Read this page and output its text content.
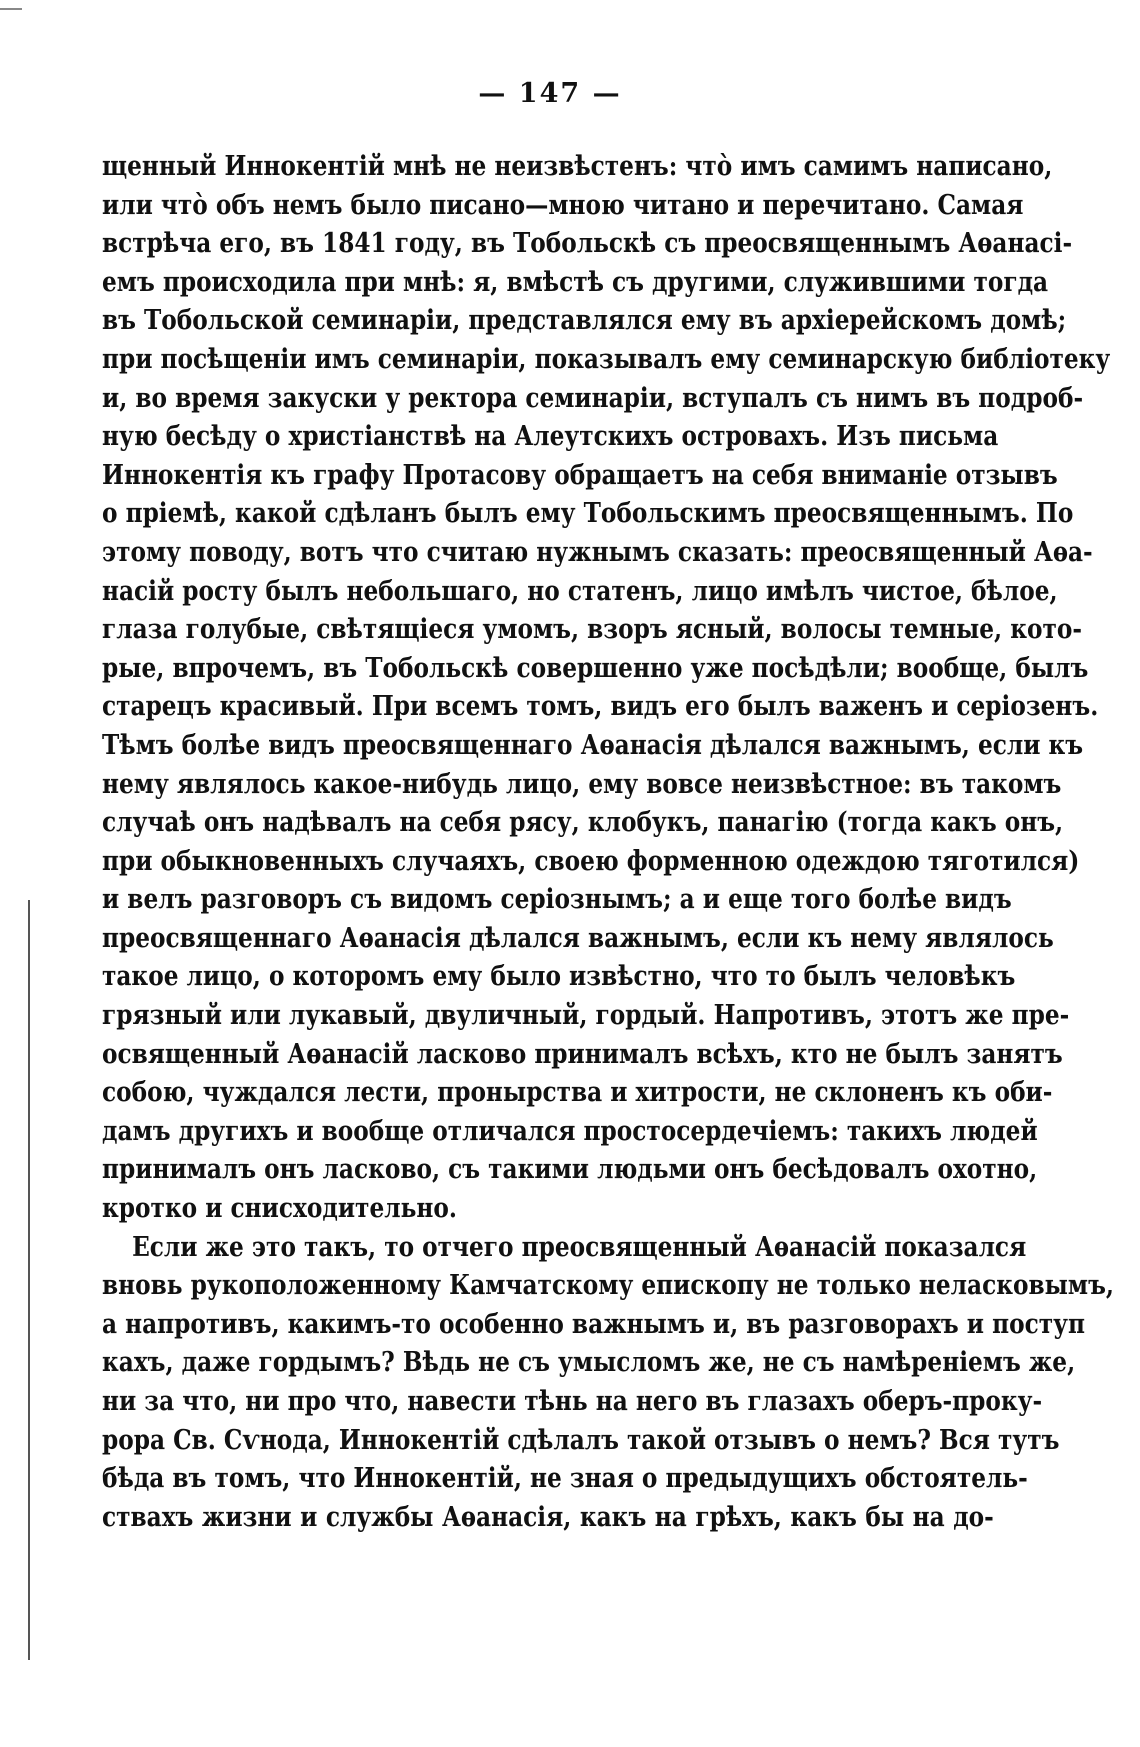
— 147 —
щенный Иннокентій мнѣ не неизвѣстенъ: что̀ имъ самимъ написано,
или что̀ объ немъ было писано—мною читано и перечитано. Самая
встрѣча его, въ 1841 году, въ Тобольскѣ съ преосвященнымъ Аѳанасі-
емъ происходила при мнѣ: я, вмѣстѣ съ другими, служившими тогда
въ Тобольской семинаріи, представлялся ему въ архіерейскомъ домѣ;
при посѣщеніи имъ семинаріи, показывалъ ему семинарскую библіотеку
и, во время закуски у ректора семинаріи, вступалъ съ нимъ въ подроб-
ную бесѣду о христіанствѣ на Алеутскихъ островахъ. Изъ письма
Иннокентія къ графу Протасову обращаетъ на себя вниманіе отзывъ
о пріемѣ, какой сдѣланъ былъ ему Тобольскимъ преосвященнымъ. По
этому поводу, вотъ что считаю нужнымъ сказать: преосвященный Аѳа-
насій росту былъ небольшаго, но статенъ, лицо имѣлъ чистое, бѣлое,
глаза голубые, свѣтящіеся умомъ, взоръ ясный, волосы темные, кото-
рые, впрочемъ, въ Тобольскѣ совершенно уже посѣдѣли; вообще, былъ
старецъ красивый. При всемъ томъ, видъ его былъ важенъ и серіозенъ.
Тѣмъ болѣе видъ преосвященнаго Аѳанасія дѣлался важнымъ, если къ
нему являлось какое-нибудь лицо, ему вовсе неизвѣстное: въ такомъ
случаѣ онъ надѣвалъ на себя рясу, клобукъ, панагію (тогда какъ онъ,
при обыкновенныхъ случаяхъ, своею форменною одеждою тяготился)
и велъ разговоръ съ видомъ серіознымъ; а и еще того болѣе видъ
преосвященнаго Аѳанасія дѣлался важнымъ, если къ нему являлось
такое лицо, о которомъ ему было извѣстно, что то былъ человѣкъ
грязный или лукавый, двуличный, гордый. Напротивъ, этотъ же пре-
освященный Аѳанасій ласково принималъ всѣхъ, кто не былъ занятъ
собою, чуждался лести, пронырства и хитрости, не склоненъ къ оби-
дамъ другихъ и вообще отличался простосердечіемъ: такихъ людей
принималъ онъ ласково, съ такими людьми онъ бесѣдовалъ охотно,
кротко и снисходительно.
Если же это такъ, то отчего преосвященный Аѳанасій показался
вновь рукоположенному Камчатскому епископу не только неласковымъ,
а напротивъ, какимъ-то особенно важнымъ и, въ разговорахъ и поступ
кахъ, даже гордымъ? Вѣдь не съ умысломъ же, не съ намѣреніемъ же,
ни за что, ни про что, навести тѣнь на него въ глазахъ оберъ-проку-
рора Св. Сѵнода, Иннокентій сдѣлалъ такой отзывъ о немъ? Вся тутъ
бѣда въ томъ, что Иннокентій, не зная о предыдущихъ обстоятель-
ствахъ жизни и службы Аѳанасія, какъ на грѣхъ, какъ бы на до-
